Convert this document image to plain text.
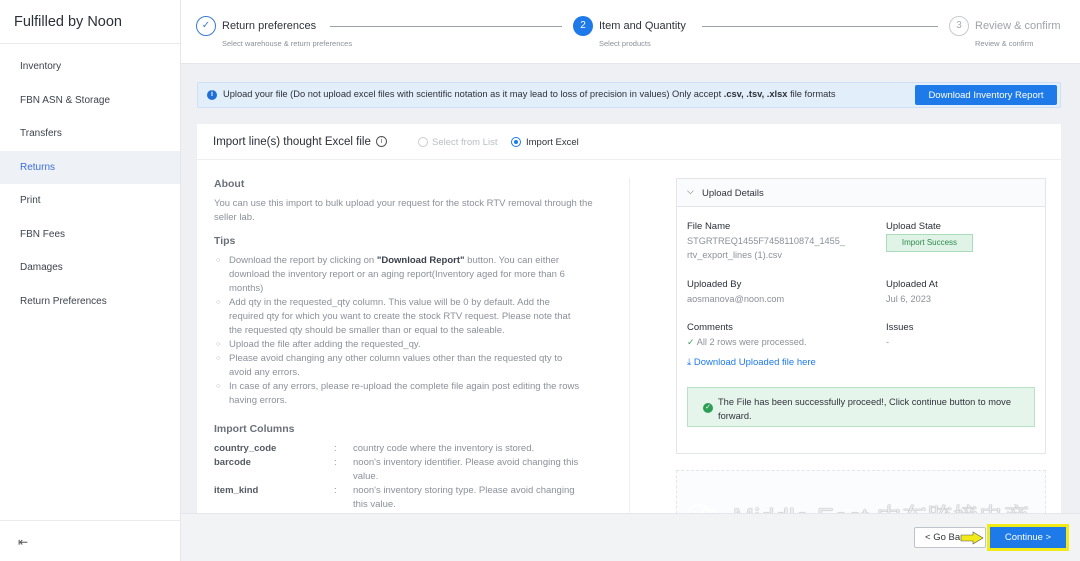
Fulfilled by Noon
Inventory
FBN ASN & Storage
Transfers
Returns
Print
FBN Fees
Damages
Return Preferences
⇤
✓	Return preferences
Select warehouse & return preferences
2	Item and Quantity
Select products
3	Review & confirm
Review & confirm
i	Upload your file (Do not upload excel files with scientific notation as it may lead to loss of precision in values) Only accept .csv, .tsv, .xlsx file formats	Download Inventory Report
Import line(s) thought Excel file	i	Select from List	Import Excel
About
You can use this import to bulk upload your request for the stock RTV removal through the seller lab.
Tips
○ Download the report by clicking on "Download Report" button. You can either download the inventory report or an aging report(Inventory aged for more than 6 months)
○ Add qty in the requested_qty column. This value will be 0 by default. Add the required qty for which you want to create the stock RTV request. Please note that the requested qty should be smaller than or equal to the saleable.
○ Upload the file after adding the requested_qy.
○ Please avoid changing any other column values other than the requested qty to avoid any errors.
○ In case of any errors, please re-upload the complete file again post editing the rows having errors.
Import Columns
country_code	: country code where the inventory is stored.
barcode	: noon's inventory identifier. Please avoid changing this value.
item_kind	: noon's inventory storing type. Please avoid changing this value.
⌵ Upload Details
File Name
STGRTREQ1455F7458110874_1455_
rtv_export_lines (1).csv
Upload State
Import Success
Uploaded By
aosmanova@noon.com
Uploaded At
Jul 6, 2023
Comments
✓ All 2 rows were processed.
Issues
-
⤓ Download Uploaded file here
✓
The File has been successfully proceed!, Click continue button to move forward.
< Go Ba	Continue >
